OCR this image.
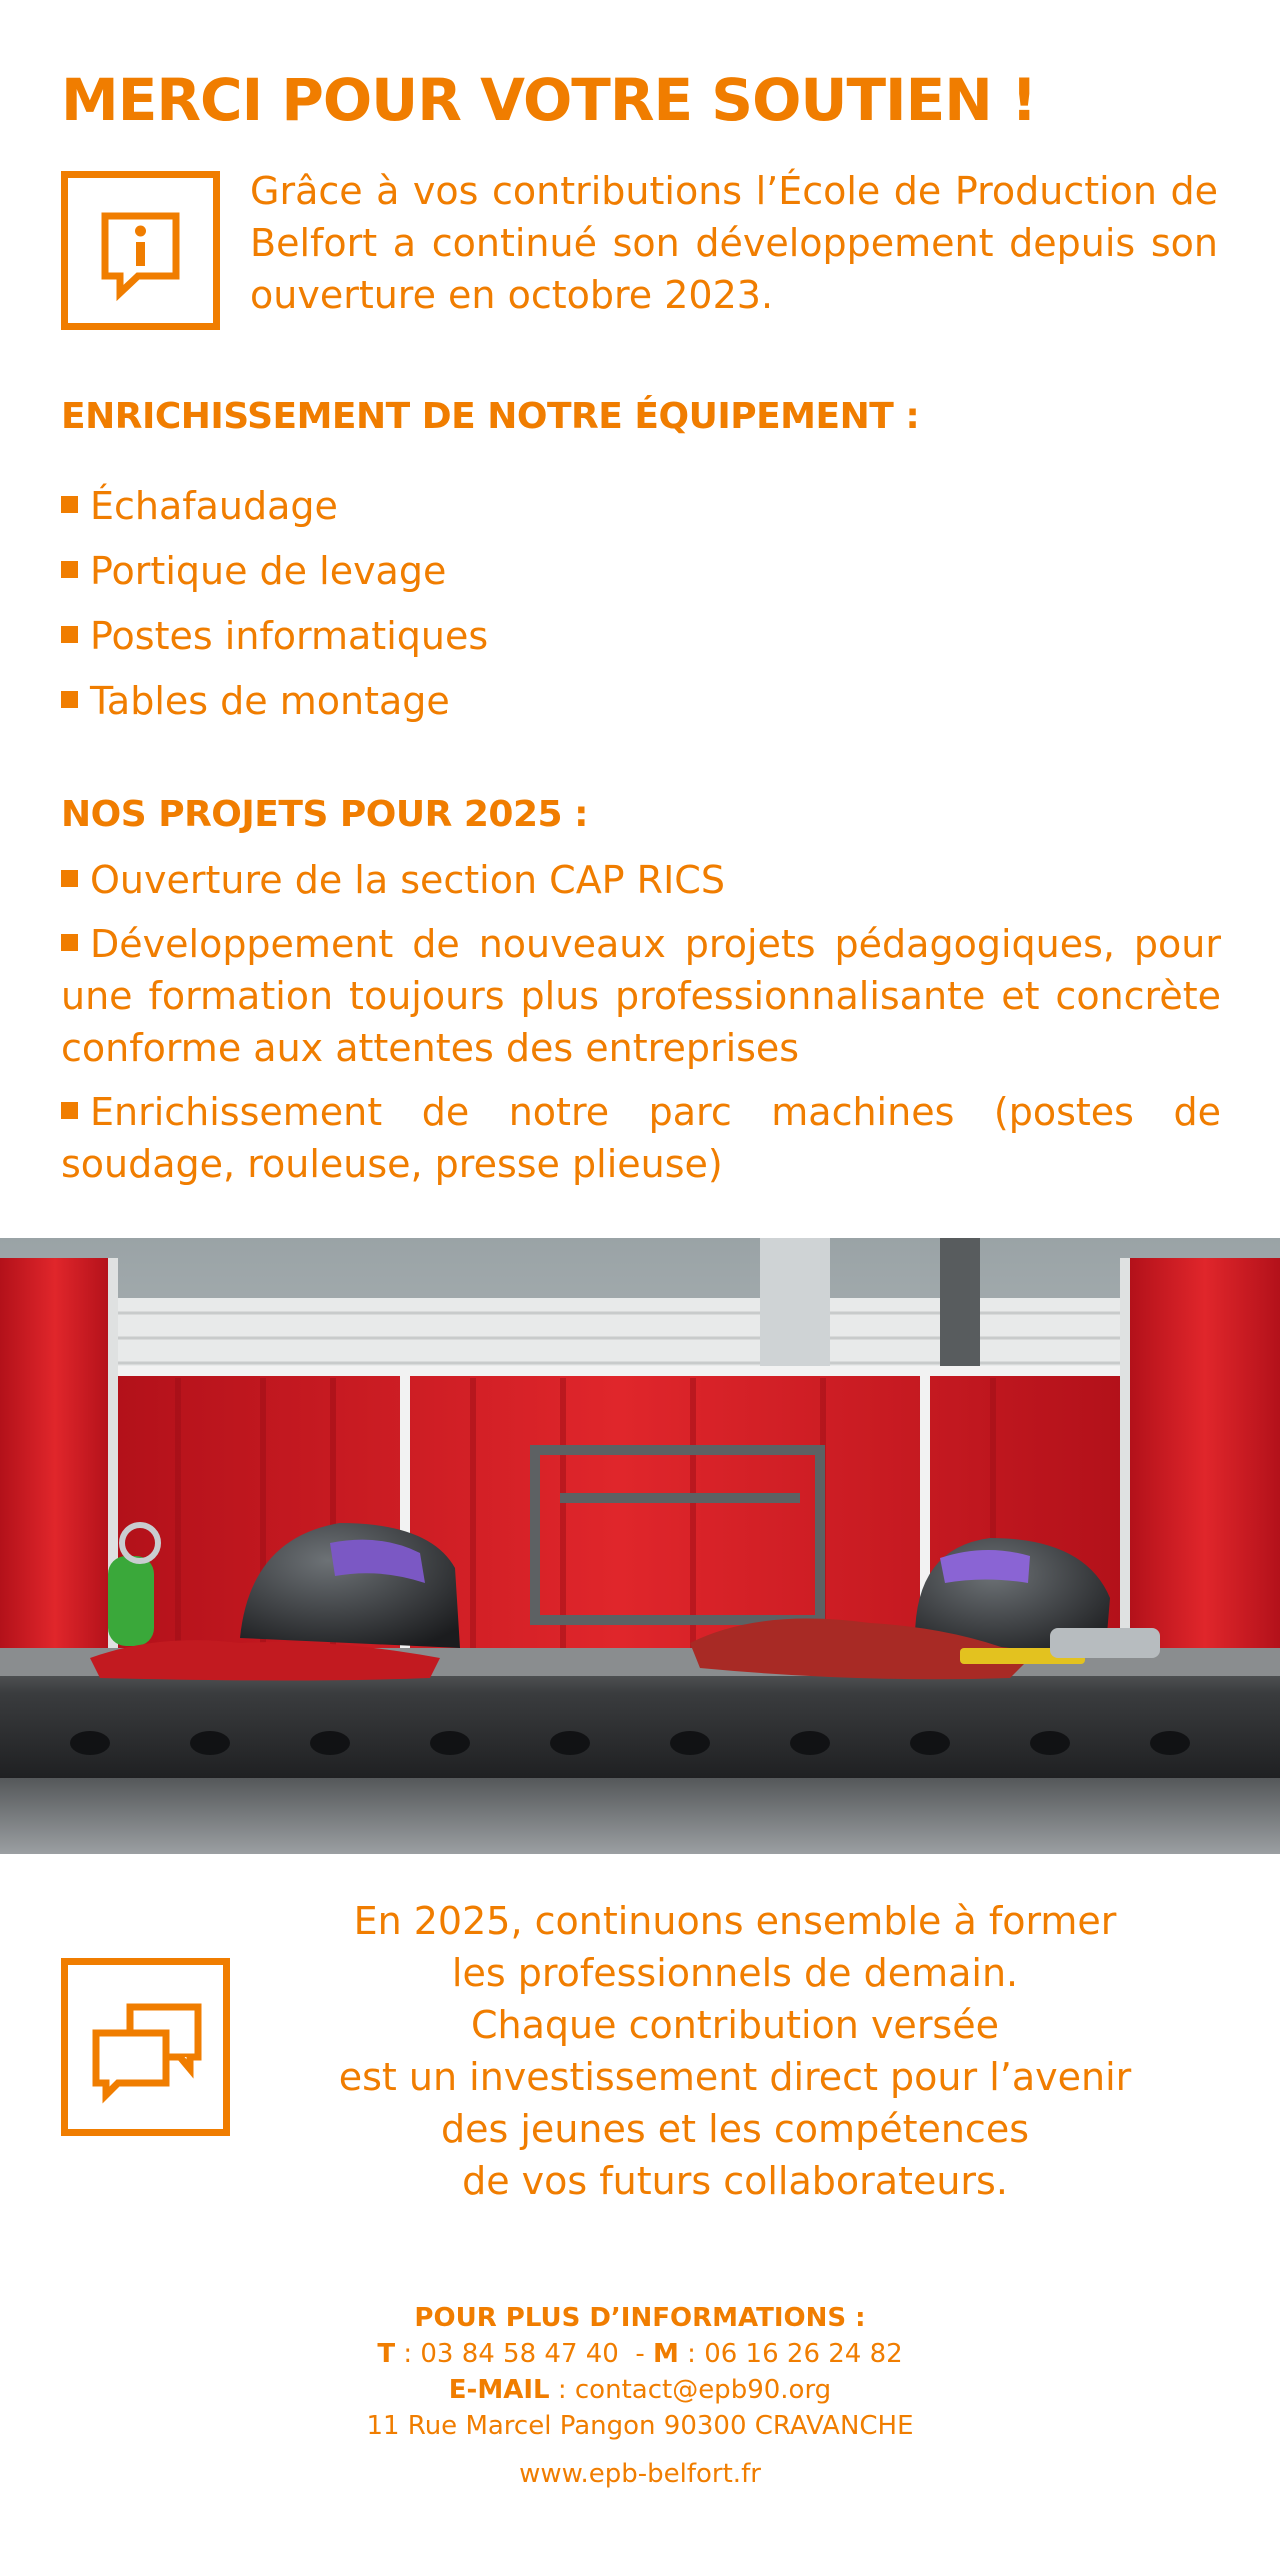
MERCI POUR VOTRE SOUTIEN !
Grâce à vos contributions l’École de Production de Belfort a continué son développement depuis son ouverture en octobre 2023.
ENRICHISSEMENT DE NOTRE ÉQUIPEMENT :
Échafaudage
Portique de levage
Postes informatiques
Tables de montage
NOS PROJETS POUR 2025 :
Ouverture de la section CAP RICS
Développement de nouveaux projets pédagogiques, pour une formation toujours plus professionnalisante et concrète conforme aux attentes des entreprises
Enrichissement de notre parc machines (postes de soudage, rouleuse, presse plieuse)
En 2025, continuons ensemble à former
les professionnels de demain.
Chaque contribution versée
est un investissement direct pour l’avenir
des jeunes et les compétences
de vos futurs collaborateurs.
POUR PLUS D’INFORMATIONS :
T : 03 84 58 47 40 - M : 06 16 26 24 82
E-MAIL : contact@epb90.org
11 Rue Marcel Pangon 90300 CRAVANCHE
www.epb-belfort.fr
